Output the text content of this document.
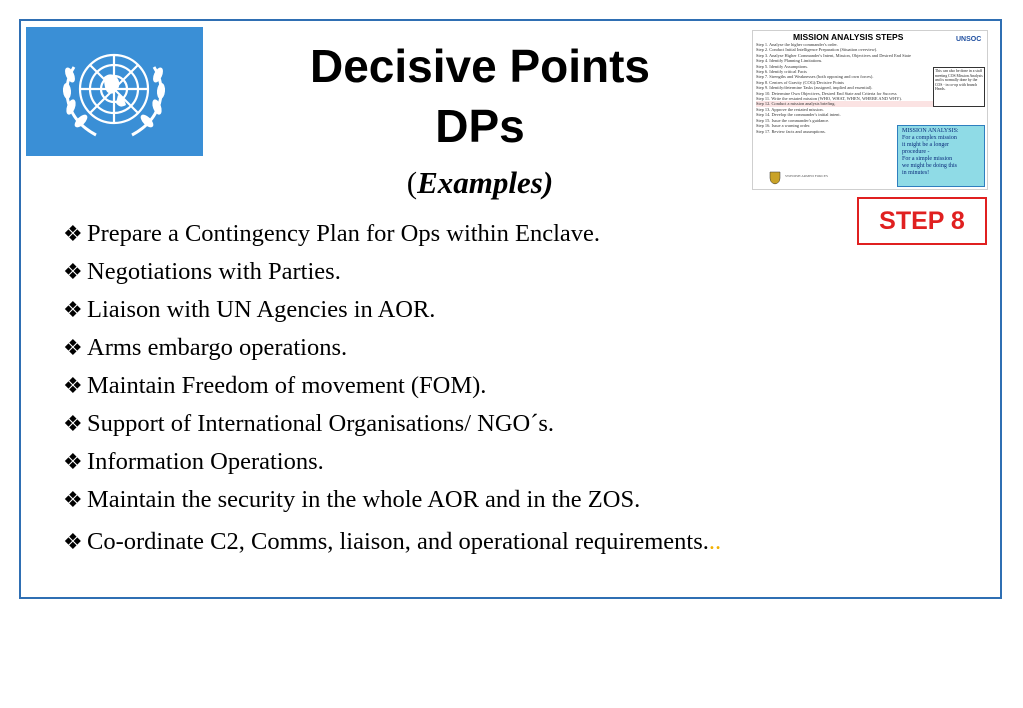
Decisive Points
DPs
(Examples)
MISSION ANALYSIS STEPS	UNSOC
Step 1. Analyse the higher commander's order.
Step 2. Conduct Initial Intelligence Preparation (Situation overview).
Step 3. Analyse Higher Commander's Intent, Mission, Objectives and Desired End State
Step 4. Identify Planning Limitations.
Step 5. Identify Assumptions.
Step 6. Identify critical Facts
Step 7. Strengths and Weaknesses (both opposing and own forces).
Step 8. Centres of Gravity (COG)/Decisive Points
Step 9. Identify/determine Tasks (assigned, implied and essential).
Step 10. Determine Own Objectives, Desired End State and Criteria for Success
Step 11. Write the restated mission (WHO, WHAT, WHEN, WHERE AND WHY).
Step 12. Conduct a mission analysis briefing.
Step 13. Approve the restated mission.
Step 14. Develop the commander's initial intent.
Step 15. Issue the commander's guidance.
Step 16. Issue a warning order.
Step 17. Review facts and assumptions.
This can also be done in a staff meeting COS Mission Analysis and is normally done by the COS - in co-op with branch Heads.
MISSION ANALYSIS:
For a complex mission
it might be a longer
procedure -
For a simple mission
we might be doing this
in minutes!
SWEDISH ARMED FORCES
STEP 8
❖ Prepare a Contingency Plan for Ops within Enclave.
❖ Negotiations with Parties.
❖ Liaison with UN Agencies in AOR.
❖ Arms embargo operations.
❖ Maintain Freedom of movement (FOM).
❖ Support of International Organisations/ NGO´s.
❖ Information Operations.
❖ Maintain the security in the whole AOR and in the ZOS.
❖ Co-ordinate C2, Comms, liaison, and operational requirements...
